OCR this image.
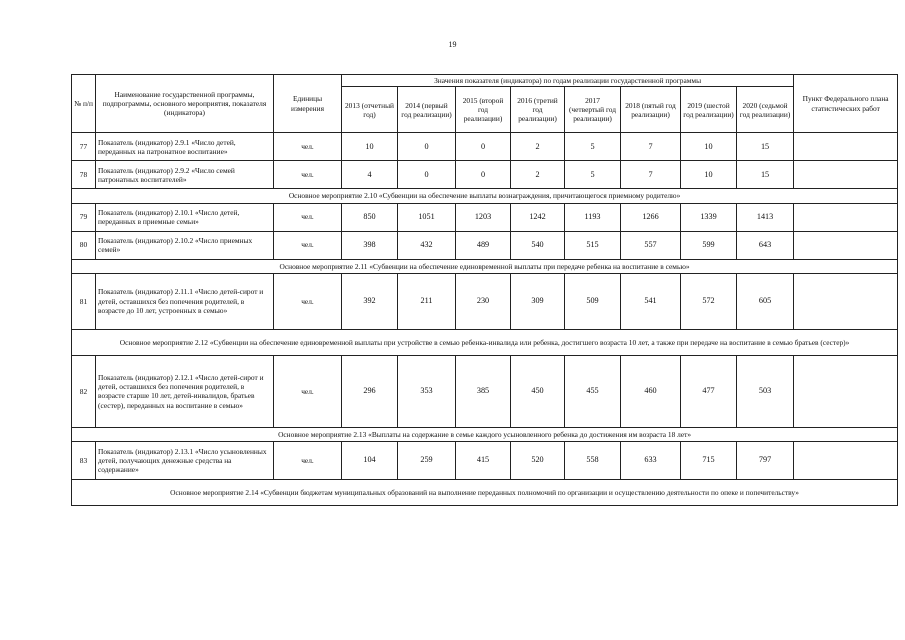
19
№ п/п	Наименование государственной программы, подпрограммы, основного мероприятия, показателя (индикатора)	Единицы измерения	Значения показателя (индикатора) по годам реализации государственной программы								Пункт Федерального плана статистических работ
			2013 (отчетный год)	2014 (первый год реализации)	2015 (второй год реализации)	2016 (третий год реализации)	2017 (четвертый год реализации)	2018 (пятый год реализации)	2019 (шестой год реализации)	2020 (седьмой год реализации)	
77	Показатель (индикатор) 2.9.1 «Число детей, переданных на патронатное воспитание»	чел.	10	0	0	2	5	7	10	15	
78	Показатель (индикатор) 2.9.2 «Число семей патронатных воспитателей»	чел.	4	0	0	2	5	7	10	15	
Основное мероприятие 2.10 «Субвенции на обеспечение выплаты вознаграждения, причитающегося приемному родителю»											
79	Показатель (индикатор) 2.10.1 «Число детей, переданных в приемные семьи»	чел.	850	1051	1203	1242	1193	1266	1339	1413	
80	Показатель (индикатор) 2.10.2 «Число приемных семей»	чел.	398	432	489	540	515	557	599	643	
Основное мероприятие 2.11 «Субвенции на обеспечение единовременной выплаты при передаче ребенка на воспитание в семью»											
81	Показатель (индикатор) 2.11.1 «Число детей-сирот и детей, оставшихся без попечения родителей, в возрасте до 10 лет, устроенных в семью»	чел.	392	211	230	309	509	541	572	605	
Основное мероприятие 2.12 «Субвенции на обеспечение единовременной выплаты при устройстве в семью ребенка-инвалида или ребенка, достигшего возраста 10 лет, а также при передаче на воспитание в семью братьев (сестер)»											
82	Показатель (индикатор) 2.12.1 «Число детей-сирот и детей, оставшихся без попечения родителей, в возрасте старше 10 лет, детей-инвалидов, братьев (сестер), переданных на воспитание в семью»	чел.	296	353	385	450	455	460	477	503	
Основное мероприятие 2.13 «Выплаты на содержание в семье каждого усыновленного ребенка до достижения им возраста 18 лет»											
83	Показатель (индикатор) 2.13.1 «Число усыновленных детей, получающих денежные средства на содержание»	чел.	104	259	415	520	558	633	715	797	
Основное мероприятие 2.14 «Субвенции бюджетам муниципальных образований на выполнение переданных полномочий по организации и осуществлению деятельности по опеке и попечительству»											
